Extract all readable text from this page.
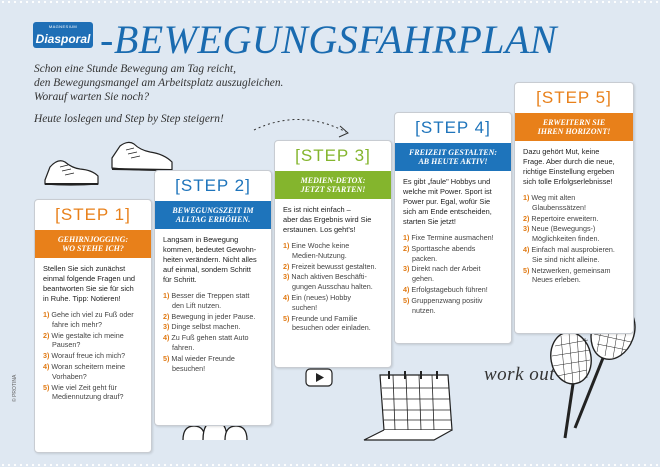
MAGNESIUM
Diasporal -BEWEGUNGSFAHRPLAN

Schon eine Stunde Bewegung am Tag reicht,
den Bewegungsmangel am Arbeitsplatz auszugleichen.
Worauf warten Sie noch?

Heute loslegen und Step by Step steigern!
work out
© PROTINA
[STEP 1]
GEHIRNJOGGING:
WO STEHE ICH?
Stellen Sie sich zunächst
einmal folgende Fragen und
beantworten Sie sie für sich
in Ruhe. Tipp: Notieren!
1) Gehe ich viel zu Fuß oder
fahre ich mehr?
2) Wie gestalte ich meine
Pausen?
3) Worauf freue ich mich?
4) Woran scheitern meine
Vorhaben?
5) Wie viel Zeit geht für
Mediennutzung drauf?
[STEP 2]
BEWEGUNGSZEIT IM
ALLTAG ERHÖHEN.
Langsam in Bewegung
kommen, bedeutet Gewohn-
heiten verändern. Nicht alles
auf einmal, sondern Schritt
für Schritt.
1) Besser die Treppen statt
den Lift nutzen.
2) Bewegung in jeder Pause.
3) Dinge selbst machen.
4) Zu Fuß gehen statt Auto
fahren.
5) Mal wieder Freunde
besuchen!
[STEP 3]
MEDIEN-DETOX:
JETZT STARTEN!
Es ist nicht einfach –
aber das Ergebnis wird Sie
erstaunen. Los geht's!
1) Eine Woche keine
Medien-Nutzung.
2) Freizeit bewusst gestalten.
3) Nach aktiven Beschäfti-
gungen Ausschau halten.
4) Ein (neues) Hobby
suchen!
5) Freunde und Familie
besuchen oder einladen.
[STEP 4]
FREIZEIT GESTALTEN:
AB HEUTE AKTIV!
Es gibt „faule" Hobbys und
welche mit Power. Sport ist
Power pur. Egal, wofür Sie
sich am Ende entscheiden,
starten Sie jetzt!
1) Fixe Termine ausmachen!
2) Sporttasche abends
packen.
3) Direkt nach der Arbeit
gehen.
4) Erfolgstagebuch führen!
5) Gruppenzwang positiv
nutzen.
[STEP 5]
ERWEITERN SIE
IHREN HORIZONT!
Dazu gehört Mut, keine
Frage. Aber durch die neue,
richtige Einstellung ergeben
sich tolle Erfolgserlebnisse!
1) Weg mit alten
Glaubenssätzen!
2) Repertoire erweitern.
3) Neue (Bewegungs-)
Möglichkeiten finden.
4) Einfach mal ausprobieren.
Sie sind nicht alleine.
5) Netzwerken, gemeinsam
Neues erleben.
